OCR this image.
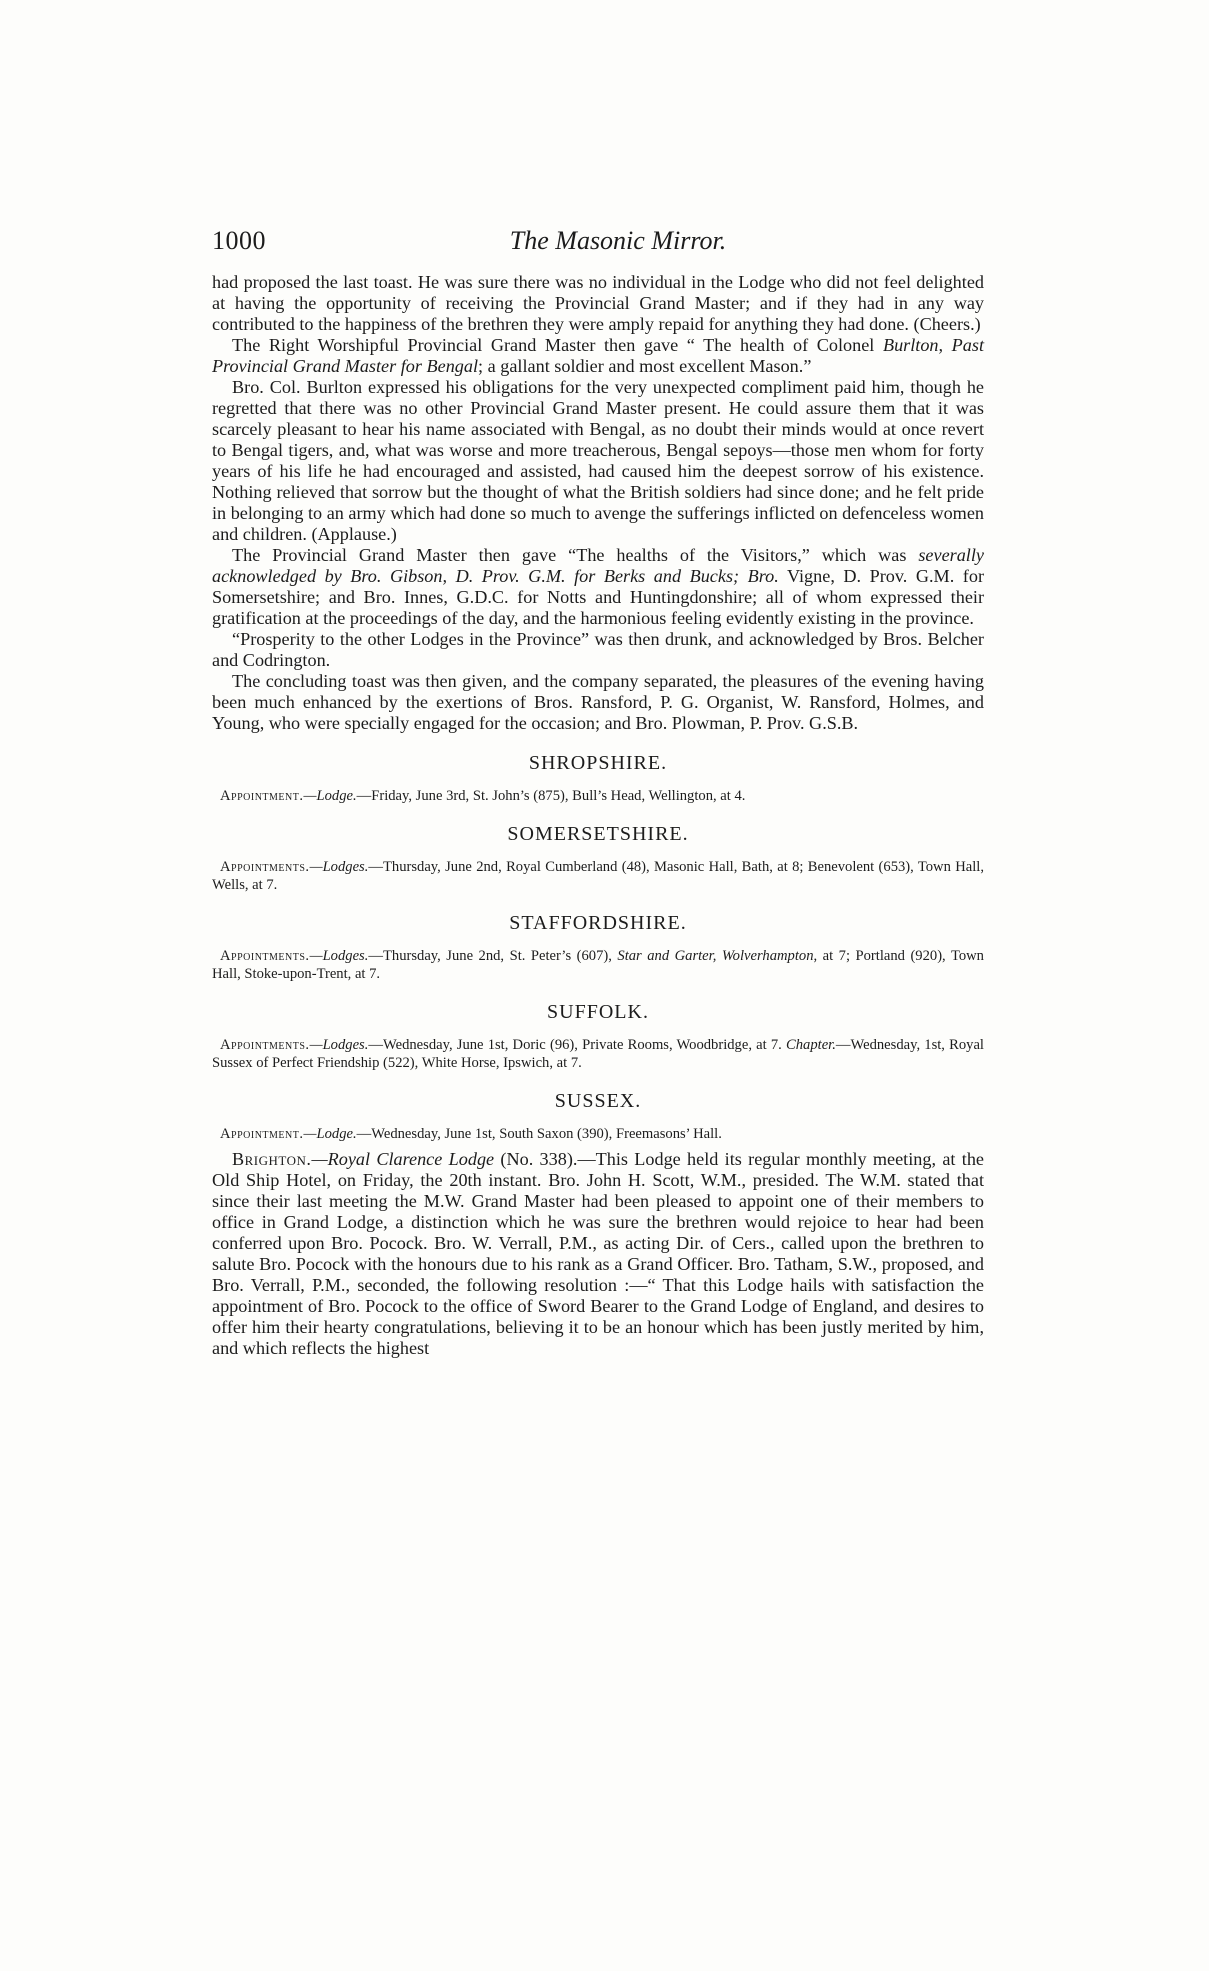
1000	The Masonic Mirror.

had proposed the last toast. He was sure there was no individual in the Lodge who did not feel delighted at having the opportunity of receiving the Provincial Grand Master; and if they had in any way contributed to the happiness of the brethren they were amply repaid for anything they had done. (Cheers.)

The Right Worshipful Provincial Grand Master then gave “ The health of Colonel Burlton, Past Provincial Grand Master for Bengal; a gallant soldier and most excellent Mason.”

Bro. Col. Burlton expressed his obligations for the very unexpected compliment paid him, though he regretted that there was no other Provincial Grand Master present. He could assure them that it was scarcely pleasant to hear his name associated with Bengal, as no doubt their minds would at once revert to Bengal tigers, and, what was worse and more treacherous, Bengal sepoys—those men whom for forty years of his life he had encouraged and assisted, had caused him the deepest sorrow of his existence. Nothing relieved that sorrow but the thought of what the British soldiers had since done; and he felt pride in belonging to an army which had done so much to avenge the sufferings inflicted on defenceless women and children. (Applause.)

The Provincial Grand Master then gave “The healths of the Visitors,” which was severally acknowledged by Bro. Gibson, D. Prov. G.M. for Berks and Bucks; Bro. Vigne, D. Prov. G.M. for Somersetshire; and Bro. Innes, G.D.C. for Notts and Huntingdonshire; all of whom expressed their gratification at the proceedings of the day, and the harmonious feeling evidently existing in the province.

“Prosperity to the other Lodges in the Province” was then drunk, and acknowledged by Bros. Belcher and Codrington.

The concluding toast was then given, and the company separated, the pleasures of the evening having been much enhanced by the exertions of Bros. Ransford, P. G. Organist, W. Ransford, Holmes, and Young, who were specially engaged for the occasion; and Bro. Plowman, P. Prov. G.S.B.

SHROPSHIRE.

Appointment.—Lodge.—Friday, June 3rd, St. John’s (875), Bull’s Head, Wellington, at 4.

SOMERSETSHIRE.

Appointments.—Lodges.—Thursday, June 2nd, Royal Cumberland (48), Masonic Hall, Bath, at 8; Benevolent (653), Town Hall, Wells, at 7.

STAFFORDSHIRE.

Appointments.—Lodges.—Thursday, June 2nd, St. Peter’s (607), Star and Garter, Wolverhampton, at 7; Portland (920), Town Hall, Stoke-upon-Trent, at 7.

SUFFOLK.

Appointments.—Lodges.—Wednesday, June 1st, Doric (96), Private Rooms, Woodbridge, at 7. Chapter.—Wednesday, 1st, Royal Sussex of Perfect Friendship (522), White Horse, Ipswich, at 7.

SUSSEX.

Appointment.—Lodge.—Wednesday, June 1st, South Saxon (390), Freemasons’ Hall.

Brighton.—Royal Clarence Lodge (No. 338).—This Lodge held its regular monthly meeting, at the Old Ship Hotel, on Friday, the 20th instant. Bro. John H. Scott, W.M., presided. The W.M. stated that since their last meeting the M.W. Grand Master had been pleased to appoint one of their members to office in Grand Lodge, a distinction which he was sure the brethren would rejoice to hear had been conferred upon Bro. Pocock. Bro. W. Verrall, P.M., as acting Dir. of Cers., called upon the brethren to salute Bro. Pocock with the honours due to his rank as a Grand Officer. Bro. Tatham, S.W., proposed, and Bro. Verrall, P.M., seconded, the following resolution :—“ That this Lodge hails with satisfaction the appointment of Bro. Pocock to the office of Sword Bearer to the Grand Lodge of England, and desires to offer him their hearty congratulations, believing it to be an honour which has been justly merited by him, and which reflects the highest
